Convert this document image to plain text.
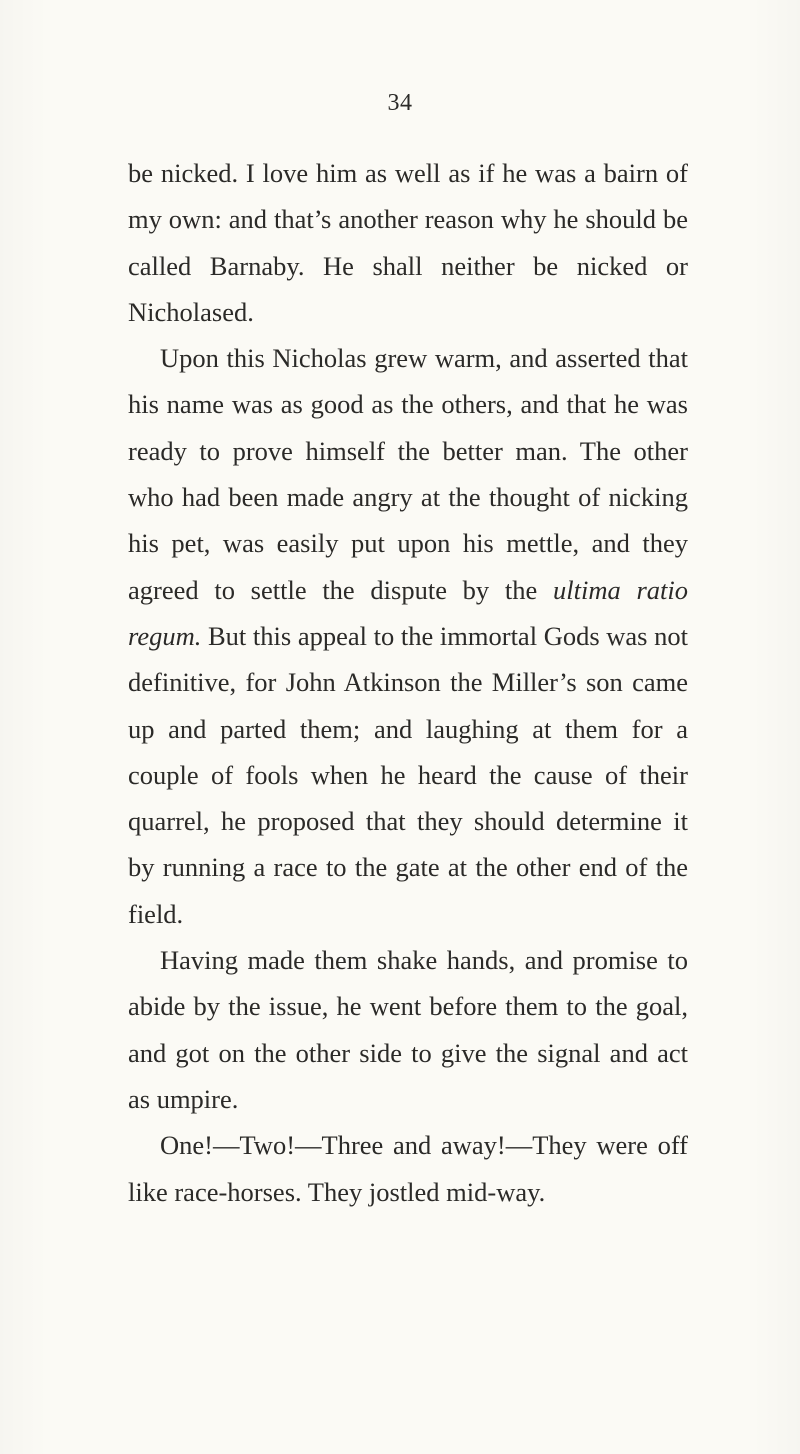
34

be nicked. I love him as well as if he was a bairn of my own: and that’s another reason why he should be called Barnaby. He shall neither be nicked or Nicholased.

Upon this Nicholas grew warm, and asserted that his name was as good as the others, and that he was ready to prove himself the better man. The other who had been made angry at the thought of nicking his pet, was easily put upon his mettle, and they agreed to settle the dispute by the ultima ratio regum. But this appeal to the immortal Gods was not definitive, for John Atkinson the Miller’s son came up and parted them; and laughing at them for a couple of fools when he heard the cause of their quarrel, he proposed that they should determine it by running a race to the gate at the other end of the field.

Having made them shake hands, and promise to abide by the issue, he went before them to the goal, and got on the other side to give the signal and act as umpire.

One!—Two!—Three and away!—They were off like race-horses. They jostled mid-way.
